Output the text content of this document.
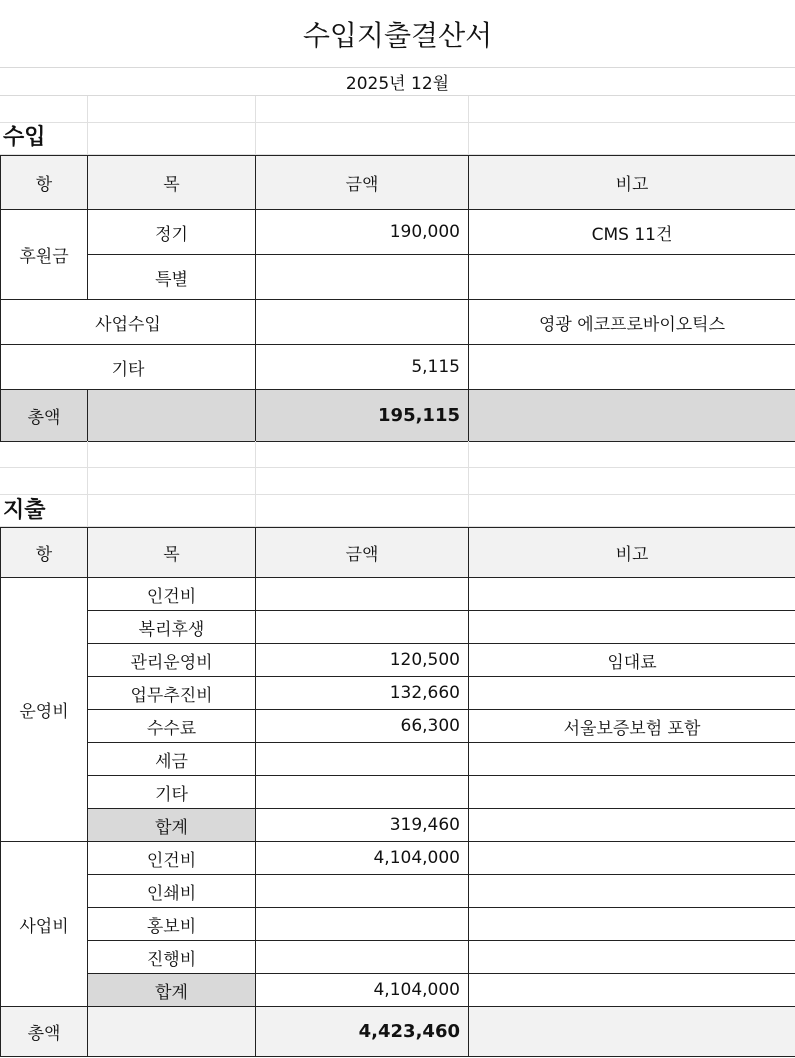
수입지출결산서
2025년 12월
수입
항	목	금액	비고
후원금	정기	190,000	CMS 11건
	특별		
사업수입			영광 에코프로바이오틱스
기타		5,115	
총액		195,115	
지출
항	목	금액	비고
운영비	인건비		
	복리후생		
	관리운영비	120,500	임대료
	업무추진비	132,660	
	수수료	66,300	서울보증보험 포함
	세금		
	기타		
	합계	319,460	
사업비	인건비	4,104,000	
	인쇄비		
	홍보비		
	진행비		
	합계	4,104,000	
총액		4,423,460	
